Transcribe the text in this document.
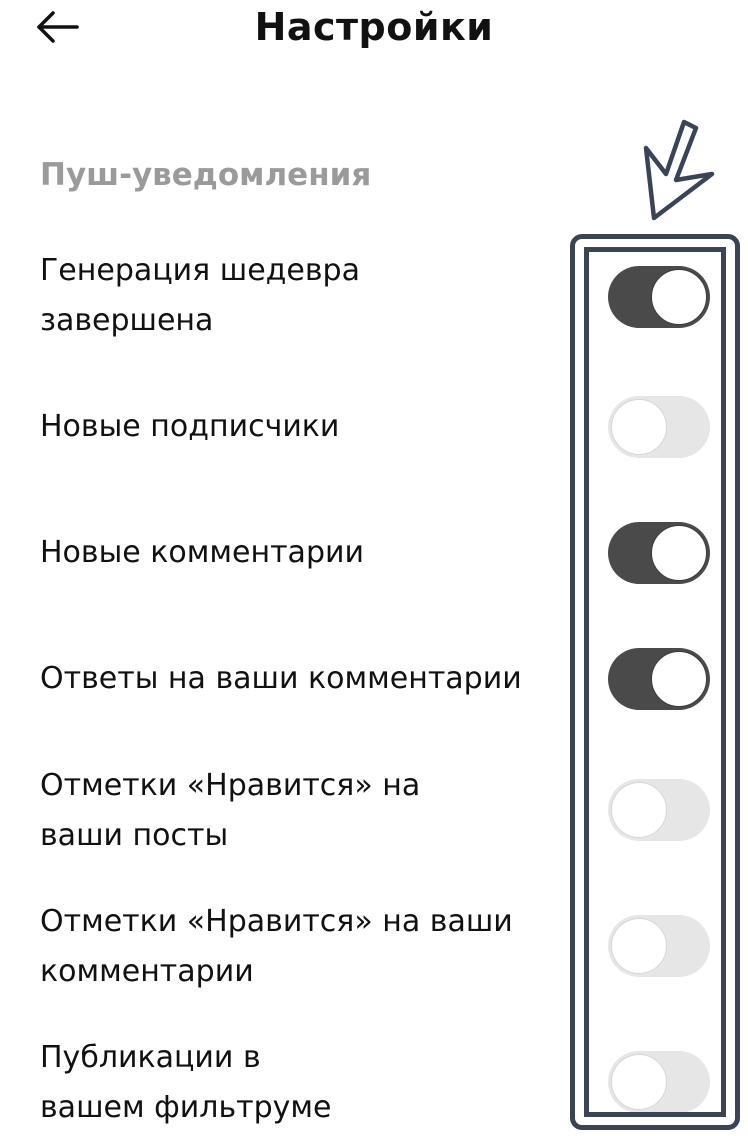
Настройки
Пуш-уведомления
Генерация шедевра
завершена
Новые подписчики
Новые комментарии
Ответы на ваши комментарии
Отметки «Нравится» на
ваши посты
Отметки «Нравится» на ваши
комментарии
Публикации в
вашем фильтруме
